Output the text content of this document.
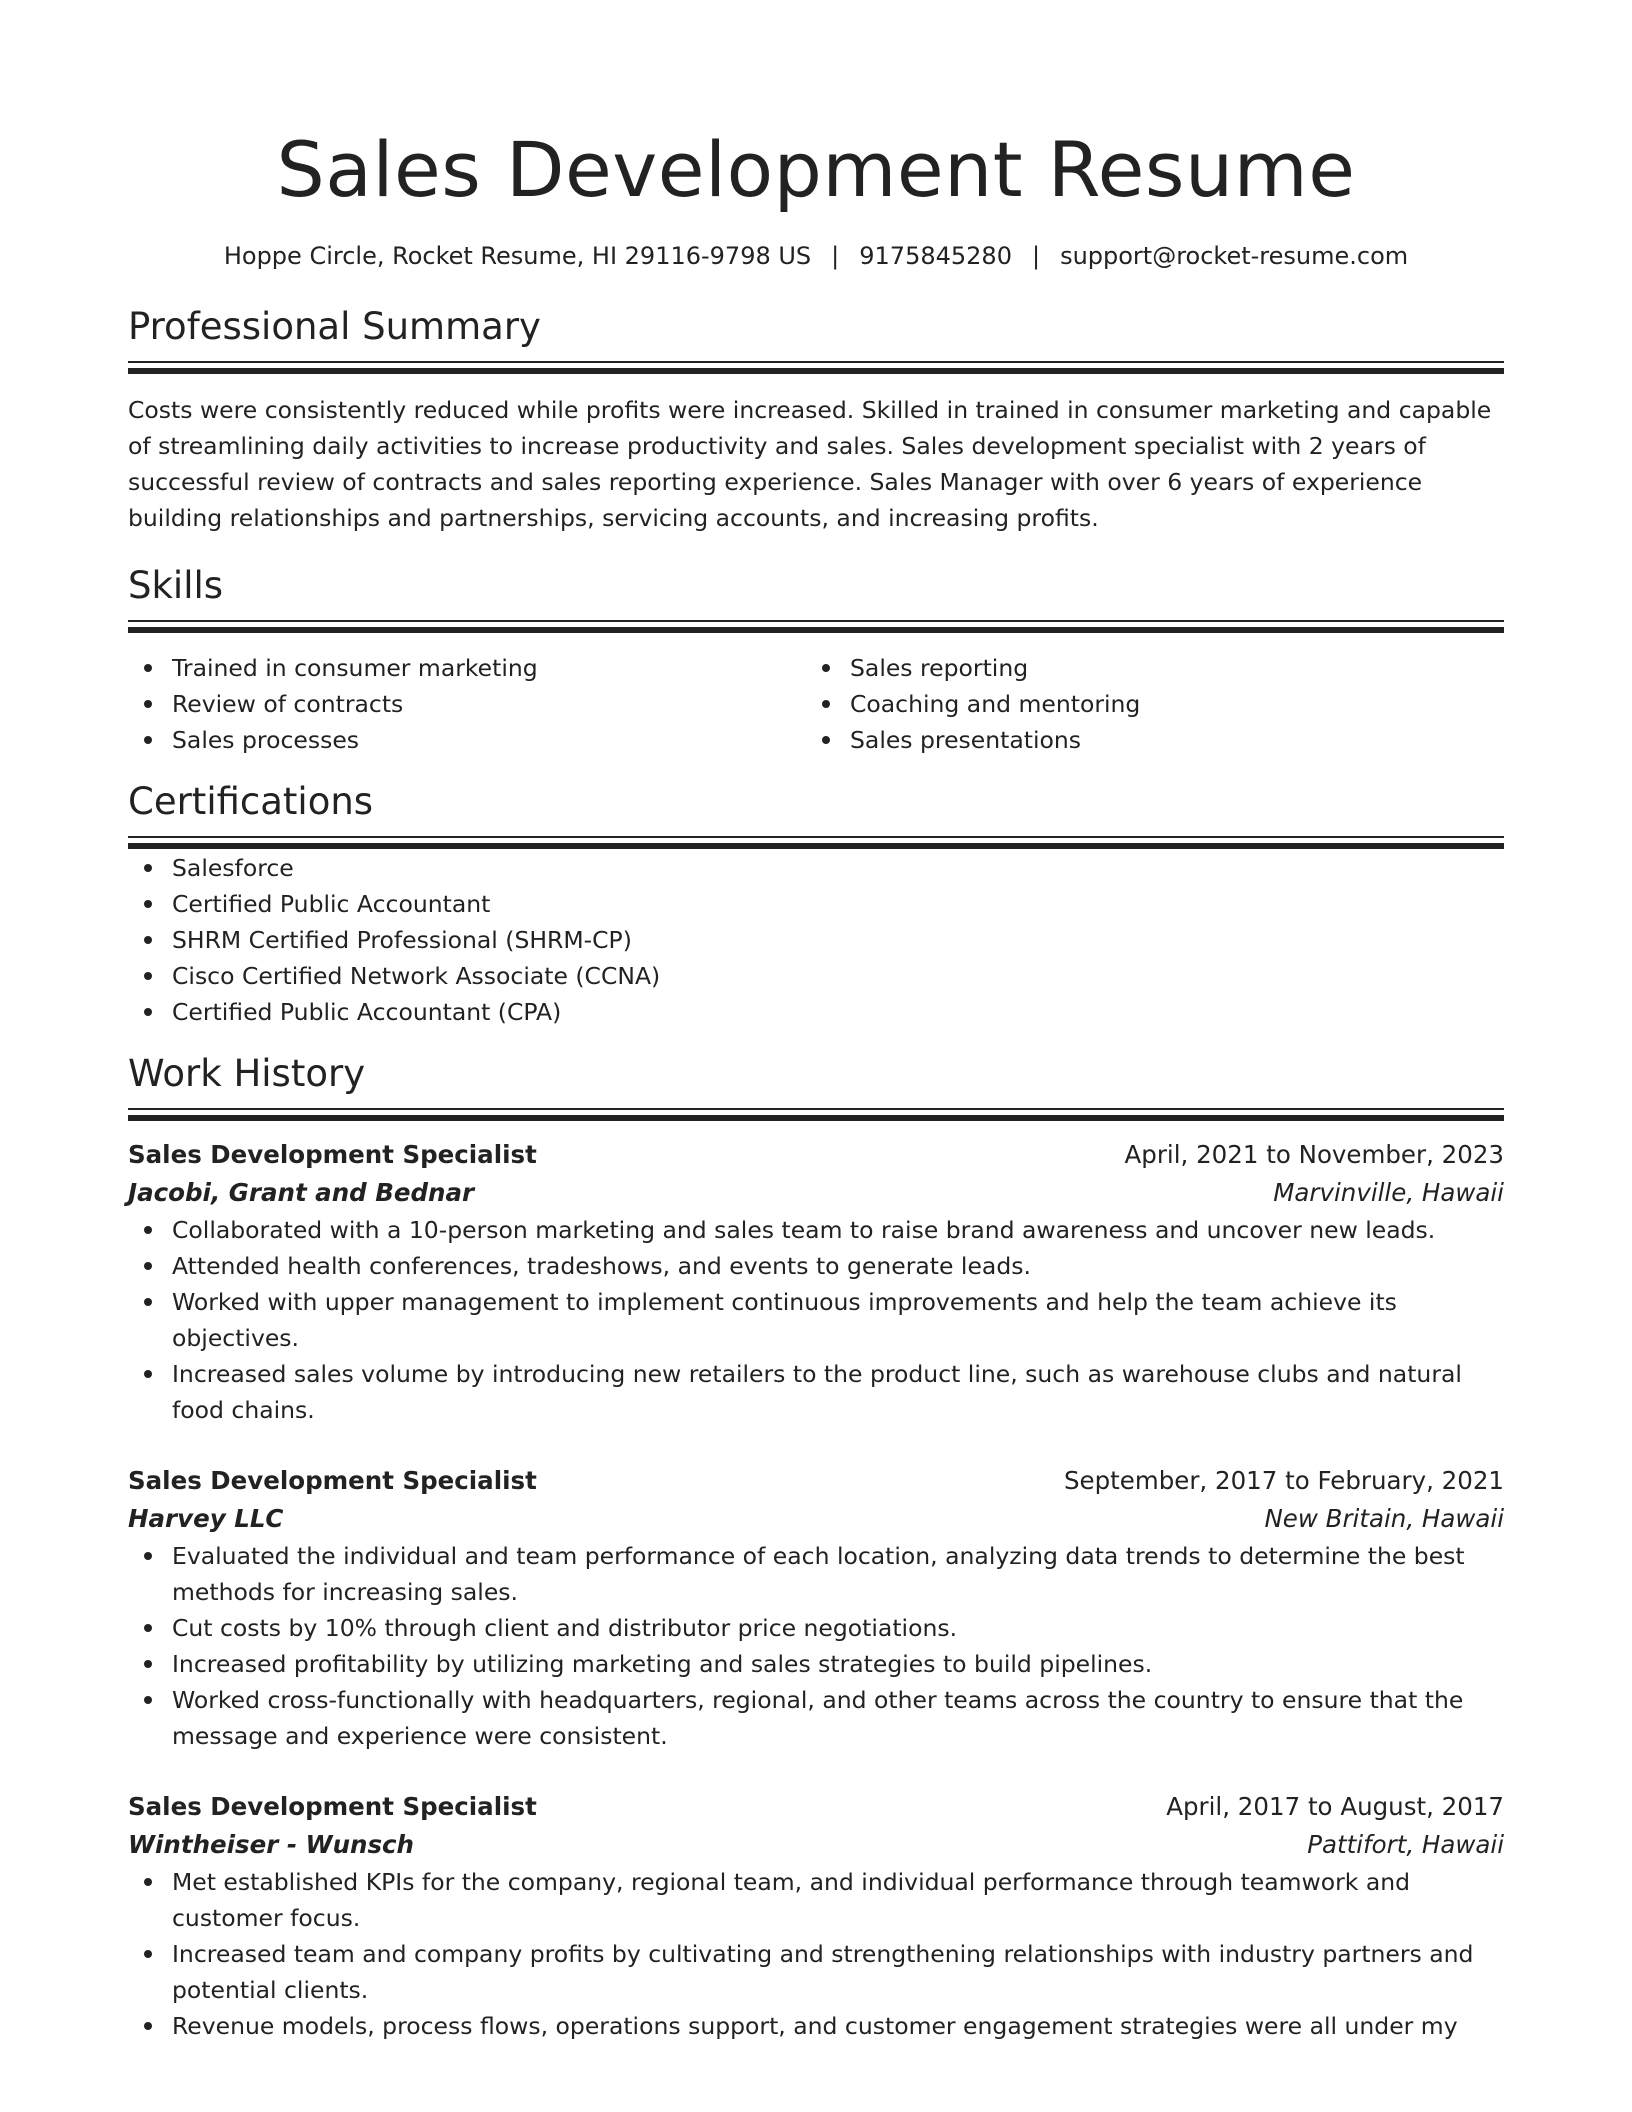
Sales Development Resume
Hoppe Circle, Rocket Resume, HI 29116-9798 US | 9175845280 | support@rocket-resume.com
Professional Summary
Costs were consistently reduced while profits were increased. Skilled in trained in consumer marketing and capable of streamlining daily activities to increase productivity and sales. Sales development specialist with 2 years of successful review of contracts and sales reporting experience. Sales Manager with over 6 years of experience building relationships and partnerships, servicing accounts, and increasing profits.
Skills
Trained in consumer marketing
Review of contracts
Sales processes
Sales reporting
Coaching and mentoring
Sales presentations
Certifications
Salesforce
Certified Public Accountant
SHRM Certified Professional (SHRM-CP)
Cisco Certified Network Associate (CCNA)
Certified Public Accountant (CPA)
Work History
Sales Development Specialist	April, 2021 to November, 2023
Jacobi, Grant and Bednar	Marvinville, Hawaii
Collaborated with a 10-person marketing and sales team to raise brand awareness and uncover new leads.
Attended health conferences, tradeshows, and events to generate leads.
Worked with upper management to implement continuous improvements and help the team achieve its objectives.
Increased sales volume by introducing new retailers to the product line, such as warehouse clubs and natural food chains.
Sales Development Specialist	September, 2017 to February, 2021
Harvey LLC	New Britain, Hawaii
Evaluated the individual and team performance of each location, analyzing data trends to determine the best methods for increasing sales.
Cut costs by 10% through client and distributor price negotiations.
Increased profitability by utilizing marketing and sales strategies to build pipelines.
Worked cross-functionally with headquarters, regional, and other teams across the country to ensure that the message and experience were consistent.
Sales Development Specialist	April, 2017 to August, 2017
Wintheiser - Wunsch	Pattifort, Hawaii
Met established KPIs for the company, regional team, and individual performance through teamwork and customer focus.
Increased team and company profits by cultivating and strengthening relationships with industry partners and potential clients.
Revenue models, process flows, operations support, and customer engagement strategies were all under my
